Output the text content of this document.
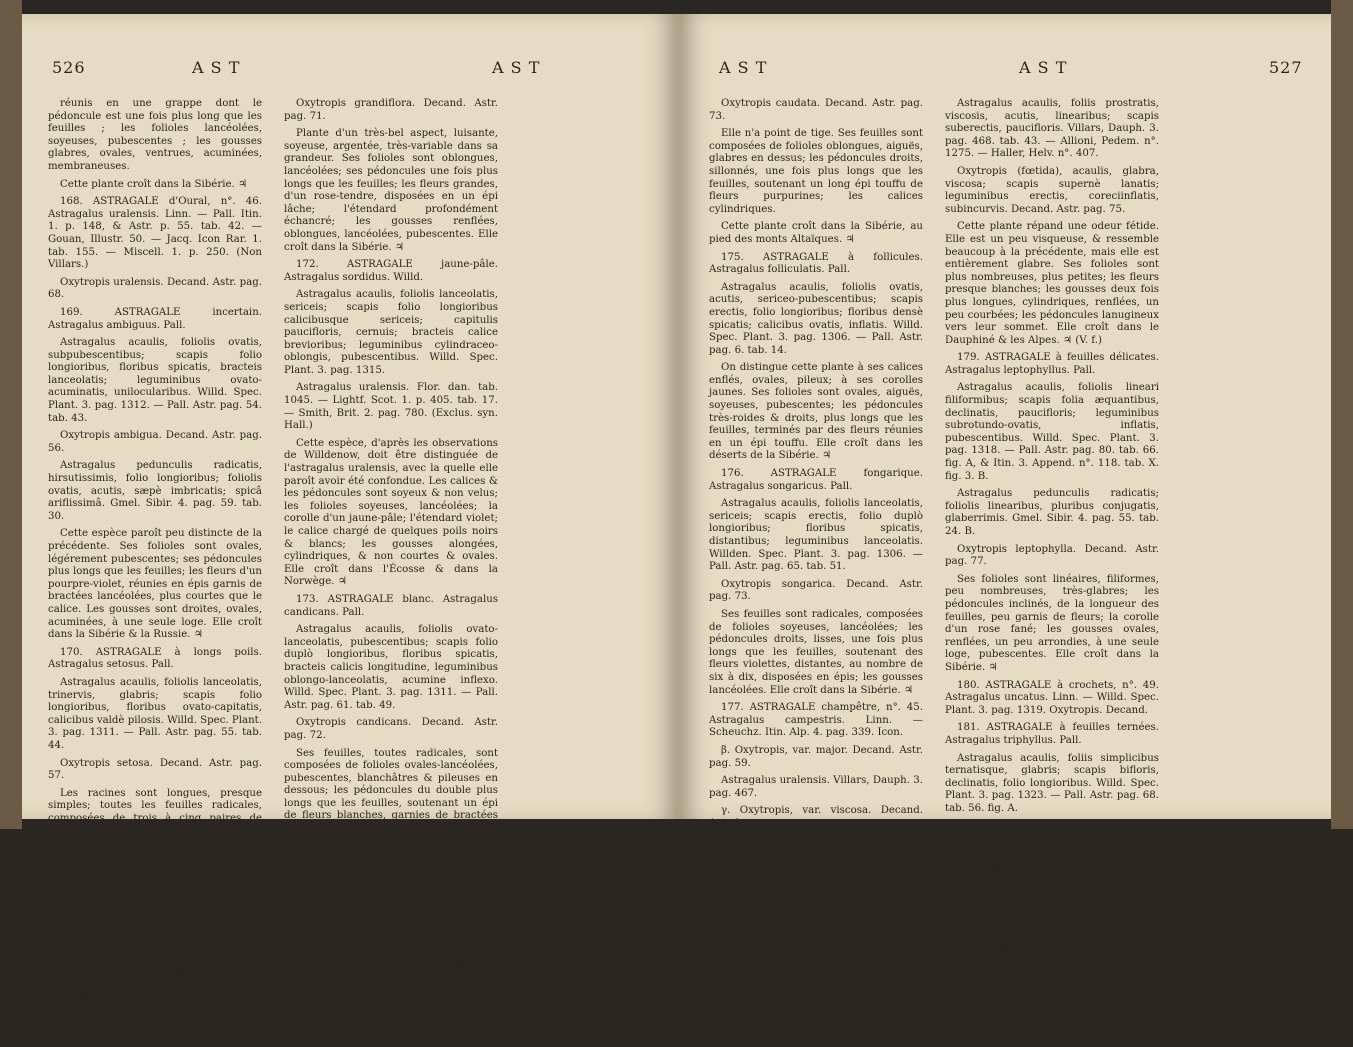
526	A S T	A S T

réunis en une grappe dont le pédoncule est une fois plus long que les feuilles ; les folioles lancéolées, soyeuses, pubescentes ; les gousses glabres, ovales, ventrues, acuminées, membraneuses.

Cette plante croît dans la Sibérie. ♃

168. ASTRAGALE d'Oural, n°. 46. Astragalus uralensis. Linn. — Pall. Itin. 1. p. 148, & Astr. p. 55. tab. 42. — Gouan, Illustr. 50. — Jacq. Icon Rar. 1. tab. 155. — Miscell. 1. p. 250. (Non Villars.)

Oxytropis uralensis. Decand. Astr. pag. 68.

169. ASTRAGALE incertain. Astragalus ambiguus. Pall.

Astragalus acaulis, foliolis ovatis, subpubescentibus; scapis folio longioribus, floribus spicatis, bracteis lanceolatis; leguminibus ovato-acuminatis, unilocularibus. Willd. Spec. Plant. 3. pag. 1312. — Pall. Astr. pag. 54. tab. 43.

Oxytropis ambigua. Decand. Astr. pag. 56.

Astragalus pedunculis radicatis, hirsutissimis, folio longioribus; foliolis ovatis, acutis, sæpè imbricatis; spicâ ariflissimâ. Gmel. Sibir. 4. pag. 59. tab. 30.

Cette espèce paroît peu distincte de la précédente. Ses folioles sont ovales, légérement pubescentes; ses pédoncules plus longs que les feuilles; les fleurs d'un pourpre-violet, réunies en épis garnis de bractées lancéolées, plus courtes que le calice. Les gousses sont droites, ovales, acuminées, à une seule loge. Elle croît dans la Sibérie & la Russie. ♃

170. ASTRAGALE à longs poils. Astragalus setosus. Pall.

Astragalus acaulis, foliolis lanceolatis, trinervis, glabris; scapis folio longioribus, floribus ovato-capitatis, calicibus valdè pilosis. Willd. Spec. Plant. 3. pag. 1311. — Pall. Astr. pag. 55. tab. 44.

Oxytropis setosa. Decand. Astr. pag. 57.

Les racines sont longues, presque simples; toutes les feuilles radicales, composées de trois à cinq paires de folioles glabres, lancéolées, pileuses à leurs bords; les pédoncules pileux, plus longs que les feuilles; les fleurs purpurines, réunies en tête; les calices très-velus.

Cette plante croît dans la Sibérie. ♃ (Pall.)

171. ASTRAGALE à grandes fleurs. Astragalus grandiflorus. Pall.

Astragalus acaulis, foliolis oblongo-lanceolatis, sericeis; scapis folio duplò longioribus; floribus laxè spicatis; vexillo profundè emarginato; leguminibus oblongo-lanceolatis, pubescentibus. Willden. Spec. Plant. 3. pag. 1311. — Pall. Astr. pag. 57. tab. 46.

Oxytropis grandiflora. Decand. Astr. pag. 71.

Plante d'un très-bel aspect, luisante, soyeuse, argentée, très-variable dans sa grandeur. Ses folioles sont oblongues, lancéolées; ses pédoncules une fois plus longs que les feuilles; les fleurs grandes, d'un rose-tendre, disposées en un épi lâche; l'étendard profondément échancré; les gousses renflées, oblongues, lancéolées, pubescentes. Elle croît dans la Sibérie. ♃

172. ASTRAGALE jaune-pâle. Astragalus sordidus. Willd.

Astragalus acaulis, foliolis lanceolatis, sericeis; scapis folio longioribus calicibusque sericeis; capitulis paucifloris, cernuis; bracteis calice brevioribus; leguminibus cylindraceo-oblongis, pubescentibus. Willd. Spec. Plant. 3. pag. 1315.

Astragalus uralensis. Flor. dan. tab. 1045. — Lightf. Scot. 1. p. 405. tab. 17. — Smith, Brit. 2. pag. 780. (Exclus. syn. Hall.)

Cette espèce, d'après les observations de Willdenow, doit être distinguée de l'astragalus uralensis, avec la quelle elle paroît avoir été confondue. Les calices & les pédoncules sont soyeux & non velus; les folioles soyeuses, lancéolées; la corolle d'un jaune-pâle; l'étendard violet; le calice chargé de quelques poils noirs & blancs; les gousses alongées, cylindriques, & non courtes & ovales. Elle croît dans l'Écosse & dans la Norwège. ♃

173. ASTRAGALE blanc. Astragalus candicans. Pall.

Astragalus acaulis, foliolis ovato-lanceolatis, pubescentibus; scapis folio duplò longioribus, floribus spicatis, bracteis calicis longitudine, leguminibus oblongo-lanceolatis, acumine inflexo. Willd. Spec. Plant. 3. pag. 1311. — Pall. Astr. pag. 61. tab. 49.

Oxytropis candicans. Decand. Astr. pag. 72.

Ses feuilles, toutes radicales, sont composées de folioles ovales-lancéolées, pubescentes, blanchâtres & pileuses en dessous; les pédoncules du double plus longs que les feuilles, soutenant un épi de fleurs blanches, garnies de bractées de la longueur du calice; les gousses renflées, oblongues-lancéolées, terminées par une pointe recourbée. Elle croît dans la Sibérie. ♃

174. ASTRAGALE à queue. Astragalus caudatus. Pall.

Astragalus acaulis, foliolis oblongis, acutis, supernè glabris; scapis erectis, foliis duplò longioribus, floribus densè spicatis, calicibus cylindraceis. Willd. Spec. Plant. 3. pag. 506. — Pall. Astr. pag. 62. tab. 50.

Astragalus spicatus. Pallas, Itin. 2. Append. n°. 118. tab. W.

A S T	A S T	527

Oxytropis caudata. Decand. Astr. pag. 73.

Elle n'a point de tige. Ses feuilles sont composées de folioles oblongues, aiguës, glabres en dessus; les pédoncules droits, sillonnés, une fois plus longs que les feuilles, soutenant un long épi touffu de fleurs purpurines; les calices cylindriques.

Cette plante croît dans la Sibérie, au pied des monts Altaïques. ♃

175. ASTRAGALE à follicules. Astragalus folliculatis. Pall.

Astragalus acaulis, foliolis ovatis, acutis, sericeo-pubescentibus; scapis erectis, folio longioribus; floribus densè spicatis; calicibus ovatis, inflatis. Willd. Spec. Plant. 3. pag. 1306. — Pall. Astr. pag. 6. tab. 14.

On distingue cette plante à ses calices enflés, ovales, pileux; à ses corolles jaunes. Ses folioles sont ovales, aiguës, soyeuses, pubescentes; les pédoncules très-roides & droits, plus longs que les feuilles, terminés par des fleurs réunies en un épi touffu. Elle croît dans les déserts de la Sibérie. ♃

176. ASTRAGALE fongarique. Astragalus songaricus. Pall.

Astragalus acaulis, foliolis lanceolatis, sericeis; scapis erectis, folio duplò longioribus; floribus spicatis, distantibus; leguminibus lanceolatis. Willden. Spec. Plant. 3. pag. 1306. — Pall. Astr. pag. 65. tab. 51.

Oxytropis songarica. Decand. Astr. pag. 73.

Ses feuilles sont radicales, composées de folioles soyeuses, lancéolées; les pédoncules droits, lisses, une fois plus longs que les feuilles, soutenant des fleurs violettes, distantes, au nombre de six à dix, disposées en épis; les gousses lancéolées. Elle croît dans la Sibérie. ♃

177. ASTRAGALE champêtre, n°. 45. Astragalus campestris. Linn. — Scheuchz. Itin. Alp. 4. pag. 339. Icon.

β. Oxytropis, var. major. Decand. Astr. pag. 59.

Astragalus uralensis. Villars, Dauph. 3. pag. 467.

γ. Oxytropis, var. viscosa. Decand. Astr. l. c.

Astragalus viscosus. Vill. Dauph. 3. pag. 468.

Les stipules sont glabres dans les deux dernières variétés, velues dans la première; elles diffèrent aussi par leur grandeur. Les pédoncules, dans la dernière, sont chargés, vers leur sommet, de poils glanduleux & visqueux.

178. ASTRAGALE fétide. Astragalus fœtidus. Willd.

Astragalus acaulis, foliis prostratis, viscosis, acutis, linearibus; scapis suberectis, paucifloris. Villars, Dauph. 3. pag. 468. tab. 43. — Allioni, Pedem. n°. 1275. — Haller, Helv. n°. 407.

Oxytropis (fœtida), acaulis, glabra, viscosa; scapis supernè lanatis; leguminibus erectis, coreciinflatis, subincurvis. Decand. Astr. pag. 75.

Cette plante répand une odeur fétide. Elle est un peu visqueuse, & ressemble beaucoup à la précédente, mais elle est entièrement glabre. Ses folioles sont plus nombreuses, plus petites; les fleurs presque blanches; les gousses deux fois plus longues, cylindriques, renflées, un peu courbées; les pédoncules lanugineux vers leur sommet. Elle croît dans le Dauphiné & les Alpes. ♃ (V. f.)

179. ASTRAGALE à feuilles délicates. Astragalus leptophyllus. Pall.

Astragalus acaulis, foliolis lineari filiformibus; scapis folia æquantibus, declinatis, paucifloris; leguminibus subrotundo-ovatis, inflatis, pubescentibus. Willd. Spec. Plant. 3. pag. 1318. — Pall. Astr. pag. 80. tab. 66. fig. A, & Itin. 3. Append. n°. 118. tab. X. fig. 3. B.

Astragalus pedunculis radicatis; foliolis linearibus, pluribus conjugatis, glaberrimis. Gmel. Sibir. 4. pag. 55. tab. 24. B.

Oxytropis leptophylla. Decand. Astr. pag. 77.

Ses folioles sont linéaires, filiformes, peu nombreuses, très-glabres; les pédoncules inclinés, de la longueur des feuilles, peu garnis de fleurs; la corolle d'un rose fané; les gousses ovales, renflées, un peu arrondies, à une seule loge, pubescentes. Elle croît dans la Sibérie. ♃

180. ASTRAGALE à crochets, n°. 49. Astragalus uncatus. Linn. — Willd. Spec. Plant. 3. pag. 1319. Oxytropis. Decand.

181. ASTRAGALE à feuilles ternées. Astragalus triphyllus. Pall.

Astragalus acaulis, foliis simplicibus ternatisque, glabris; scapis bifloris, declinatis, folio longioribus. Willd. Spec. Plant. 3. pag. 1323. — Pall. Astr. pag. 68. tab. 56. fig. A.

Oxytropis triphylla. Decand. Astr. pag. 77.

Cette espèce est facile à reconnoître à ses feuilles toutes radicales, très-glabres, les unes simples, les autres ternées. Les hampes sont inclinées, plus longues que les feuilles, garnies de deux fleurs purpurines. Elle croît dans les îles sablonneuses du lac Baïcal. ♃

182. ASTRAGALE ampoulé. Astragalus ampullatus. Pall.

Astragalus acaulis, foliolis lanceolatis, sericeis;
